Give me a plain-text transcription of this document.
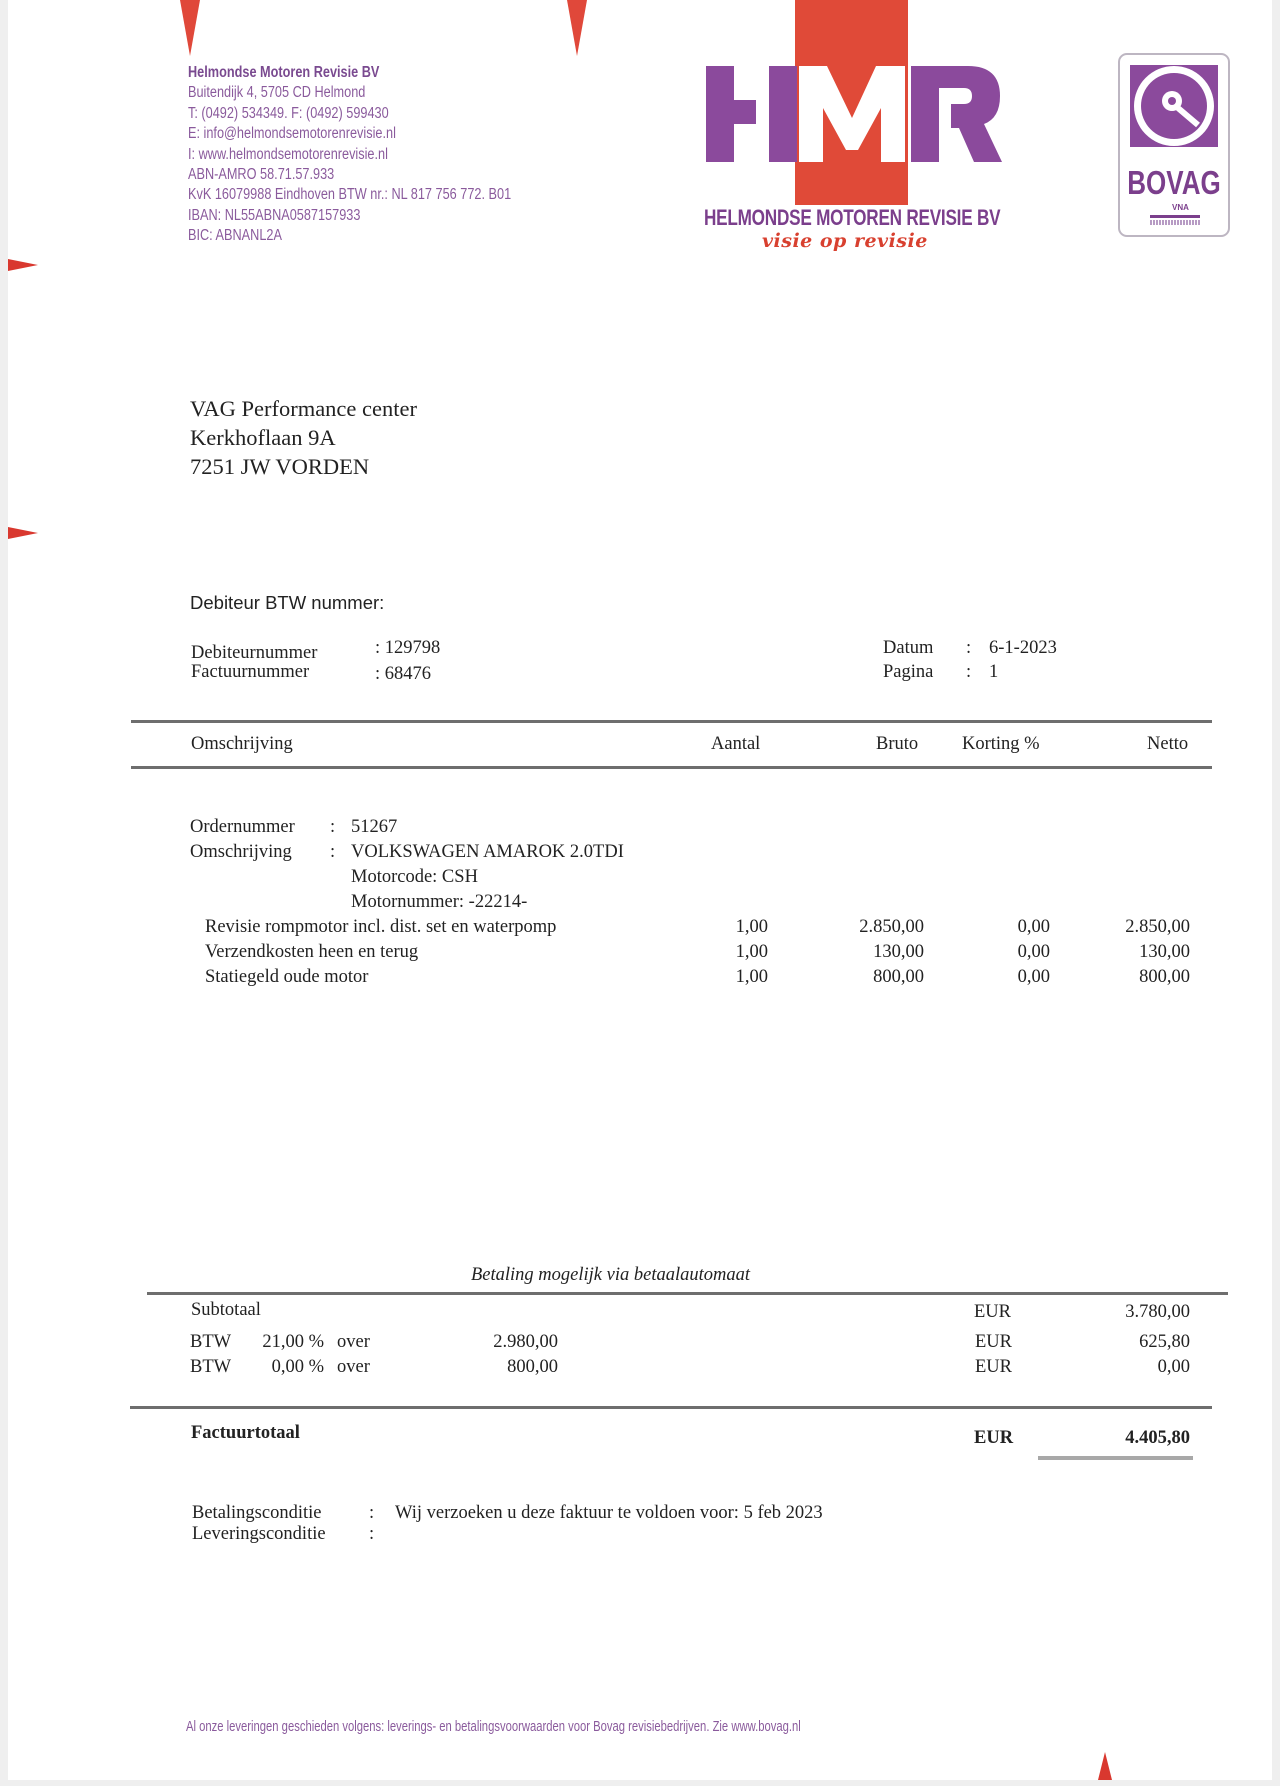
Helmondse Motoren Revisie BV
Buitendijk 4, 5705 CD Helmond
T: (0492) 534349. F: (0492) 599430
E: info@helmondsemotorenrevisie.nl
I: www.helmondsemotorenrevisie.nl
ABN-AMRO 58.71.57.933
KvK 16079988 Eindhoven BTW nr.: NL 817 756 772. B01
IBAN: NL55ABNA0587157933
BIC: ABNANL2A
HELMONDSE MOTOREN REVISIE BV
visie op revisie
BOVAG
VNA
VAG Performance center
Kerkhoflaan 9A
7251 JW VORDEN
Debiteur BTW nummer:
Debiteurnummer	: 129798
Factuurnummer	: 68476
Datum : 6-1-2023
Pagina : 1
Omschrijving	Aantal	Bruto Korting %	Netto
Ordernummer : 51267
Omschrijving : VOLKSWAGEN AMAROK 2.0TDI
Motorcode: CSH
Motornummer: -22214-
Revisie rompmotor incl. dist. set en waterpomp	1,00	2.850,00	0,00	2.850,00
Verzendkosten heen en terug	1,00	130,00	0,00	130,00
Statiegeld oude motor	1,00	800,00	0,00	800,00
Betaling mogelijk via betaalautomaat
Subtotaal	EUR	3.780,00
BTW	21,00 % over	2.980,00	EUR	625,80
BTW	0,00 % over	800,00	EUR	0,00
Factuurtotaal	EUR	4.405,80
Betalingsconditie	: Wij verzoeken u deze faktuur te voldoen voor: 5 feb 2023
Leveringsconditie :
Al onze leveringen geschieden volgens: leverings- en betalingsvoorwaarden voor Bovag revisiebedrijven. Zie www.bovag.nl
